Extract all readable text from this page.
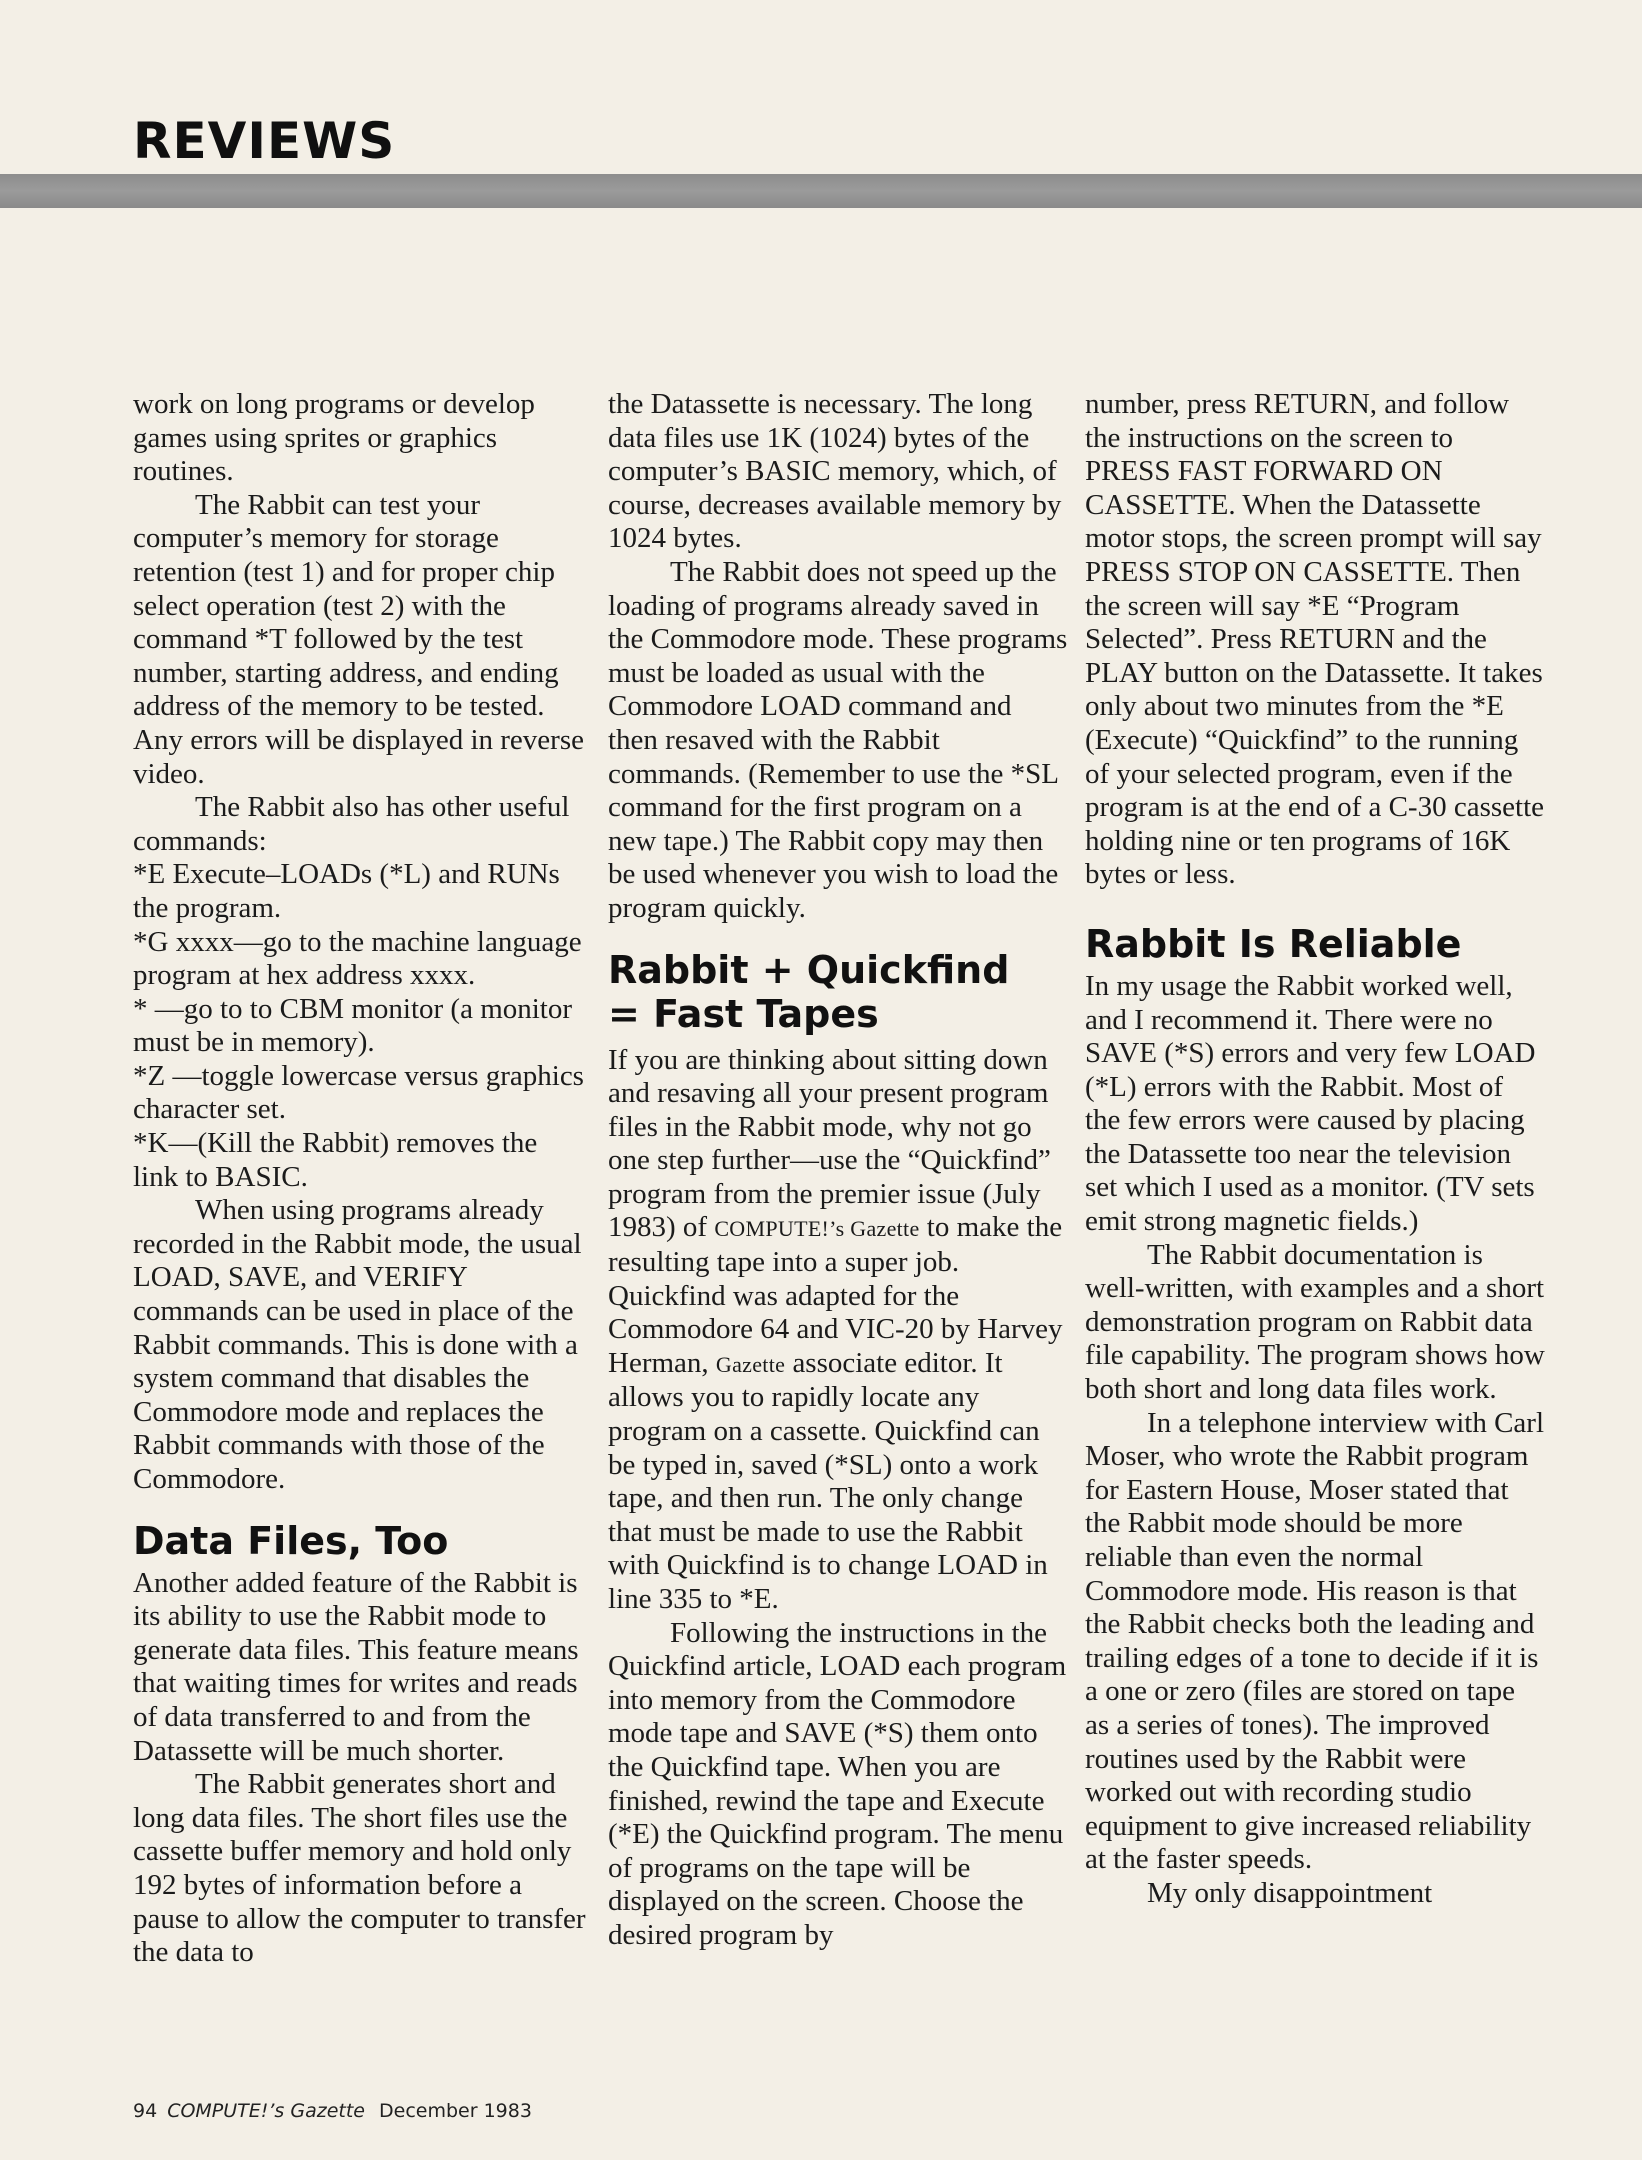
REVIEWS

work on long programs or develop games using sprites or graphics routines.

The Rabbit can test your computer’s memory for storage retention (test 1) and for proper chip select operation (test 2) with the command *T followed by the test number, starting address, and ending address of the memory to be tested. Any errors will be displayed in reverse video.

The Rabbit also has other useful commands:

*E Execute–LOADs (*L) and RUNs the program.

*G xxxx—go to the machine language program at hex address xxxx.

* —go to to CBM monitor (a monitor must be in memory).

*Z —toggle lowercase versus graphics character set.

*K—(Kill the Rabbit) removes the link to BASIC.

When using programs already recorded in the Rabbit mode, the usual LOAD, SAVE, and VERIFY commands can be used in place of the Rabbit commands. This is done with a system command that disables the Commodore mode and replaces the Rabbit commands with those of the Commodore.

Data Files, Too

Another added feature of the Rabbit is its ability to use the Rabbit mode to generate data files. This feature means that waiting times for writes and reads of data transferred to and from the Datassette will be much shorter.

The Rabbit generates short and long data files. The short files use the cassette buffer memory and hold only 192 bytes of information before a pause to allow the computer to transfer the data to

the Datassette is necessary. The long data files use 1K (1024) bytes of the computer’s BASIC memory, which, of course, decreases available memory by 1024 bytes.

The Rabbit does not speed up the loading of programs already saved in the Commodore mode. These programs must be loaded as usual with the Commodore LOAD command and then resaved with the Rabbit commands. (Remember to use the *SL command for the first program on a new tape.) The Rabbit copy may then be used whenever you wish to load the program quickly.

Rabbit + Quickfind
= Fast Tapes

If you are thinking about sitting down and resaving all your present program files in the Rabbit mode, why not go one step further—use the “Quickfind” program from the premier issue (July 1983) of COMPUTE!’s Gazette to make the resulting tape into a super job. Quickfind was adapted for the Commodore 64 and VIC-20 by Harvey Herman, Gazette associate editor. It allows you to rapidly locate any program on a cassette. Quickfind can be typed in, saved (*SL) onto a work tape, and then run. The only change that must be made to use the Rabbit with Quickfind is to change LOAD in line 335 to *E.

Following the instructions in the Quickfind article, LOAD each program into memory from the Commodore mode tape and SAVE (*S) them onto the Quickfind tape. When you are finished, rewind the tape and Execute (*E) the Quickfind program. The menu of programs on the tape will be displayed on the screen. Choose the desired program by

number, press RETURN, and follow the instructions on the screen to PRESS FAST FORWARD ON CASSETTE. When the Datassette motor stops, the screen prompt will say PRESS STOP ON CASSETTE. Then the screen will say *E “Program Selected”. Press RETURN and the PLAY button on the Datassette. It takes only about two minutes from the *E (Execute) “Quickfind” to the running of your selected program, even if the program is at the end of a C-30 cassette holding nine or ten programs of 16K bytes or less.

Rabbit Is Reliable

In my usage the Rabbit worked well, and I recommend it. There were no SAVE (*S) errors and very few LOAD (*L) errors with the Rabbit. Most of the few errors were caused by placing the Datassette too near the television set which I used as a monitor. (TV sets emit strong magnetic fields.)

The Rabbit documentation is well-written, with examples and a short demonstration program on Rabbit data file capability. The program shows how both short and long data files work.

In a telephone interview with Carl Moser, who wrote the Rabbit program for Eastern House, Moser stated that the Rabbit mode should be more reliable than even the normal Commodore mode. His reason is that the Rabbit checks both the leading and trailing edges of a tone to decide if it is a one or zero (files are stored on tape as a series of tones). The improved routines used by the Rabbit were worked out with recording studio equipment to give increased reliability at the faster speeds.

My only disappointment

94 COMPUTE!’s Gazette December 1983
